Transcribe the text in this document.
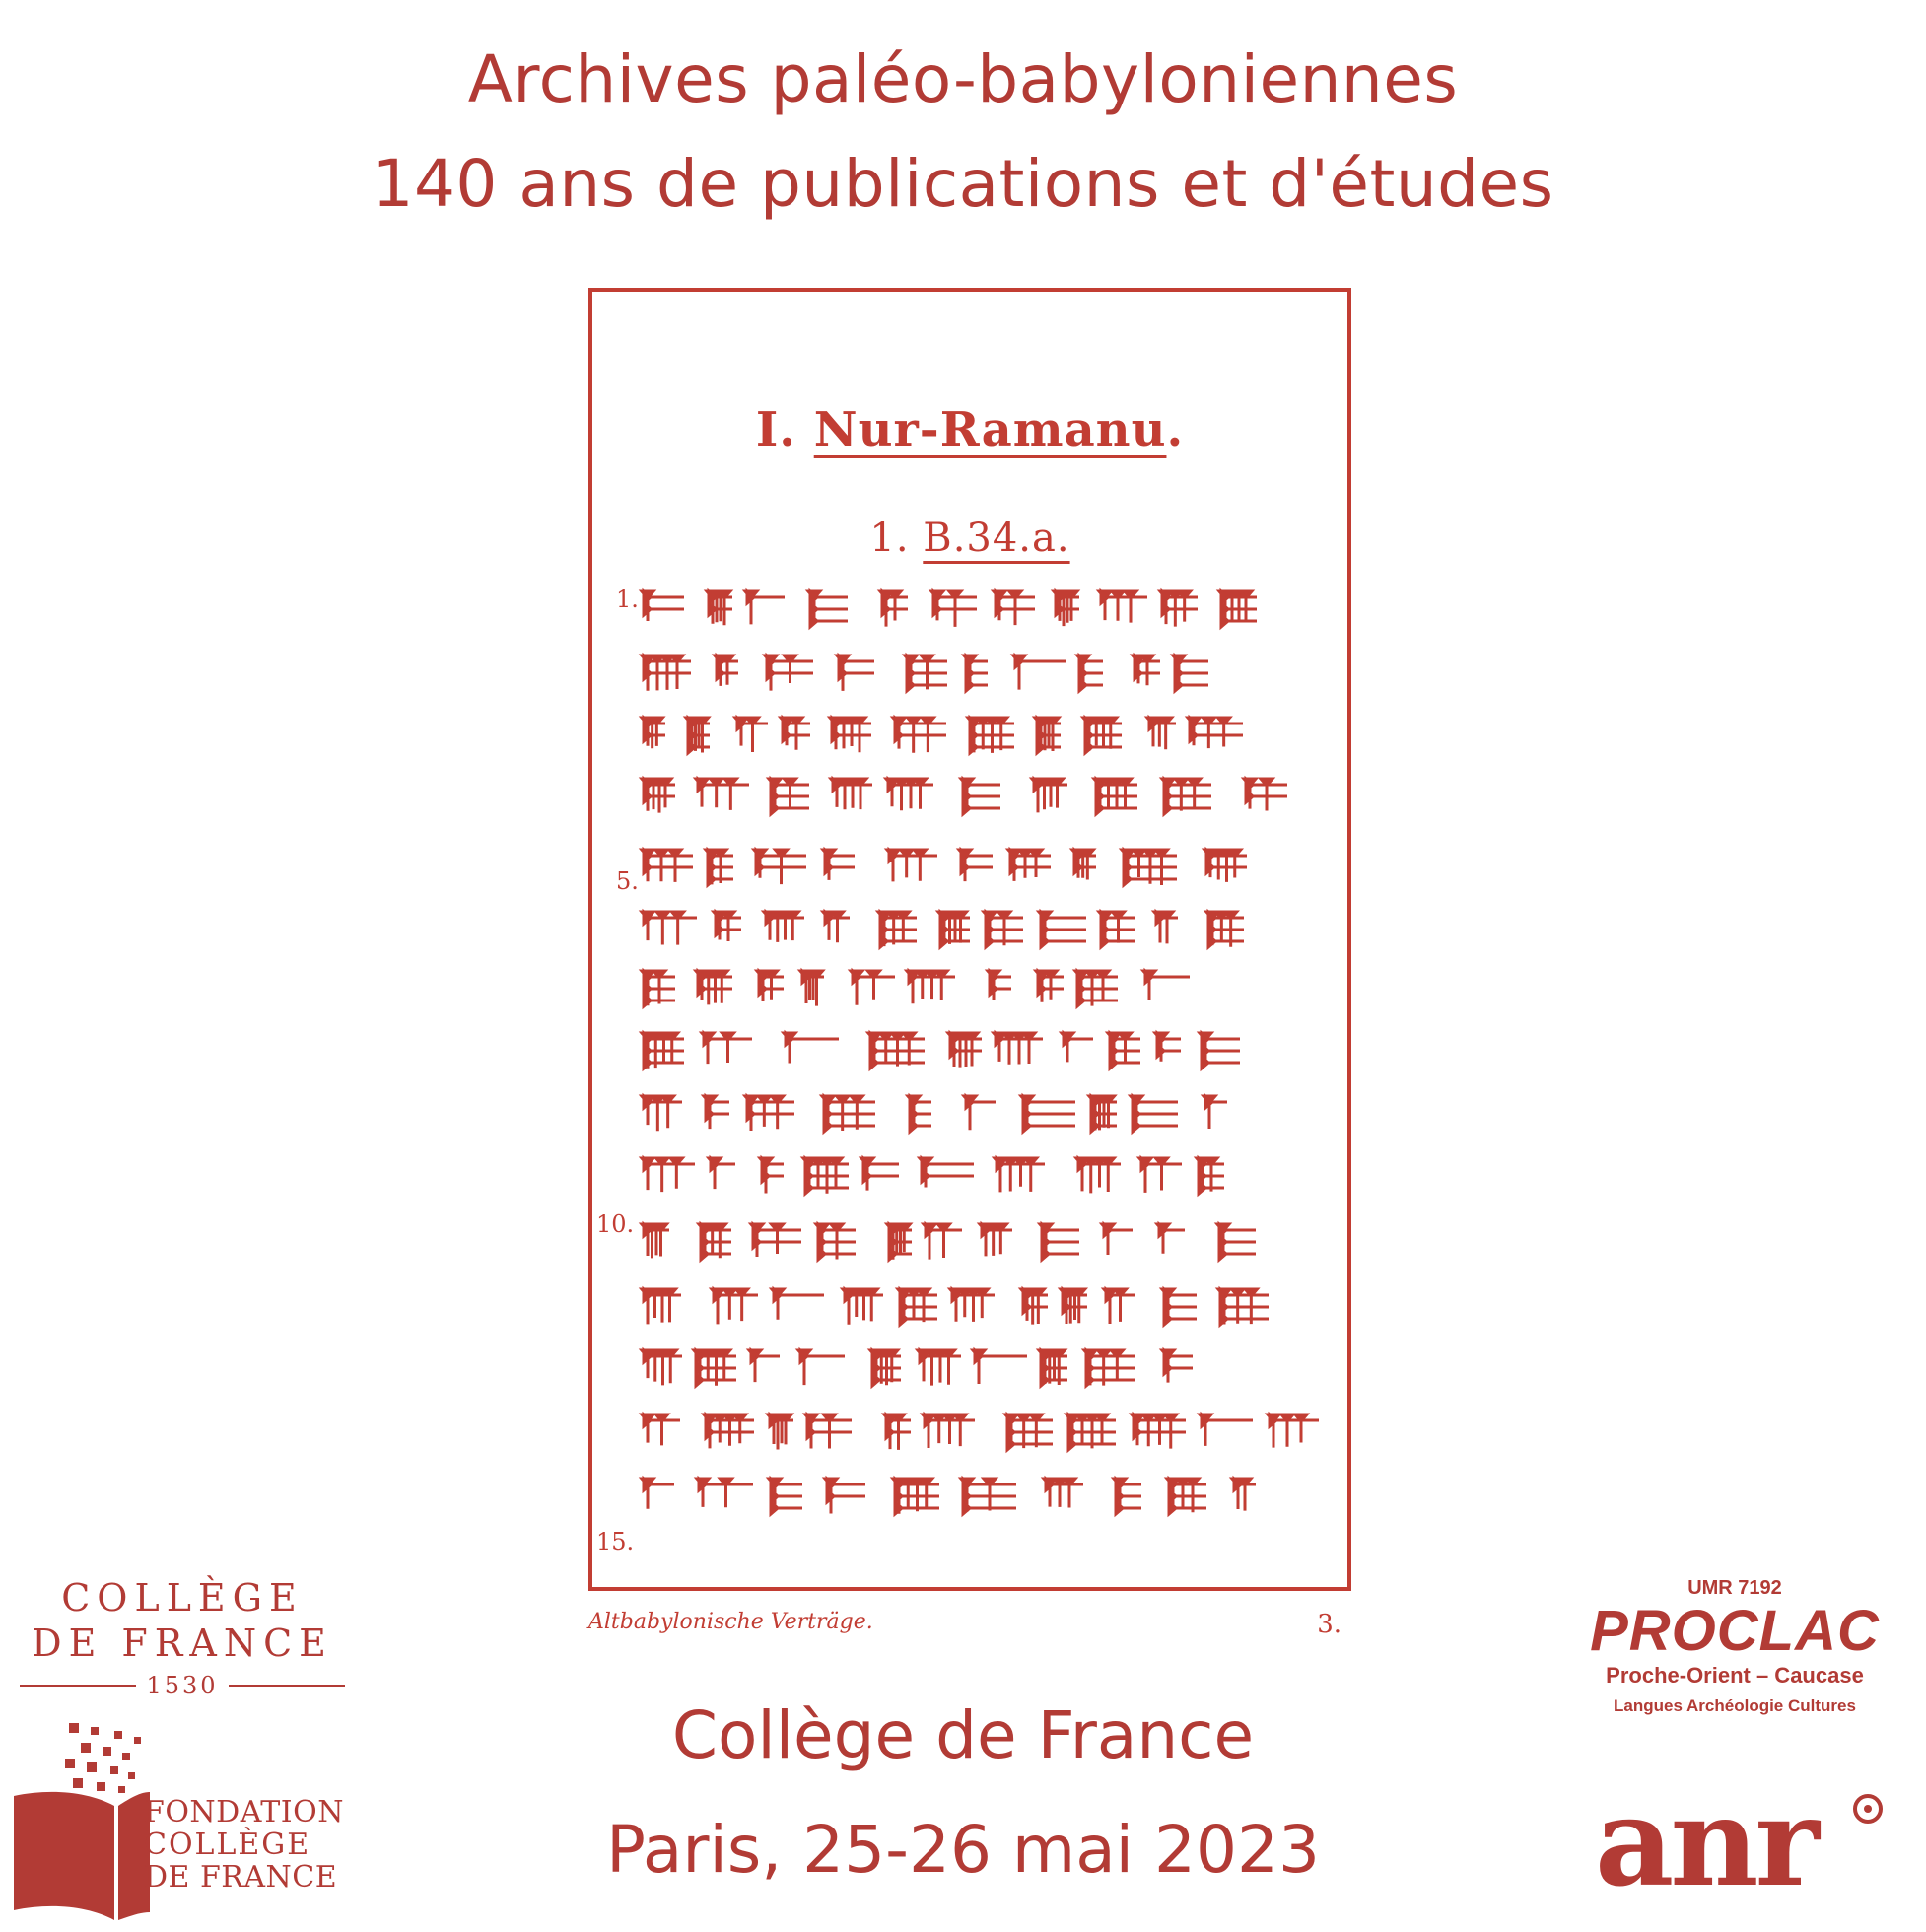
Archives paléo-babyloniennes
140 ans de publications et d'études
I. Nur-Ramanu.
1. B.34.a.
1.
5.
10.
15.
Altbabylonische Verträge.	3.
Collège de France
Paris, 25-26 mai 2023
COLLÈGE
DE FRANCE
1530
FONDATION
COLLÈGE
DE FRANCE
UMR 7192
PROCLAC
Proche-Orient – Caucase
Langues Archéologie Cultures
anr
